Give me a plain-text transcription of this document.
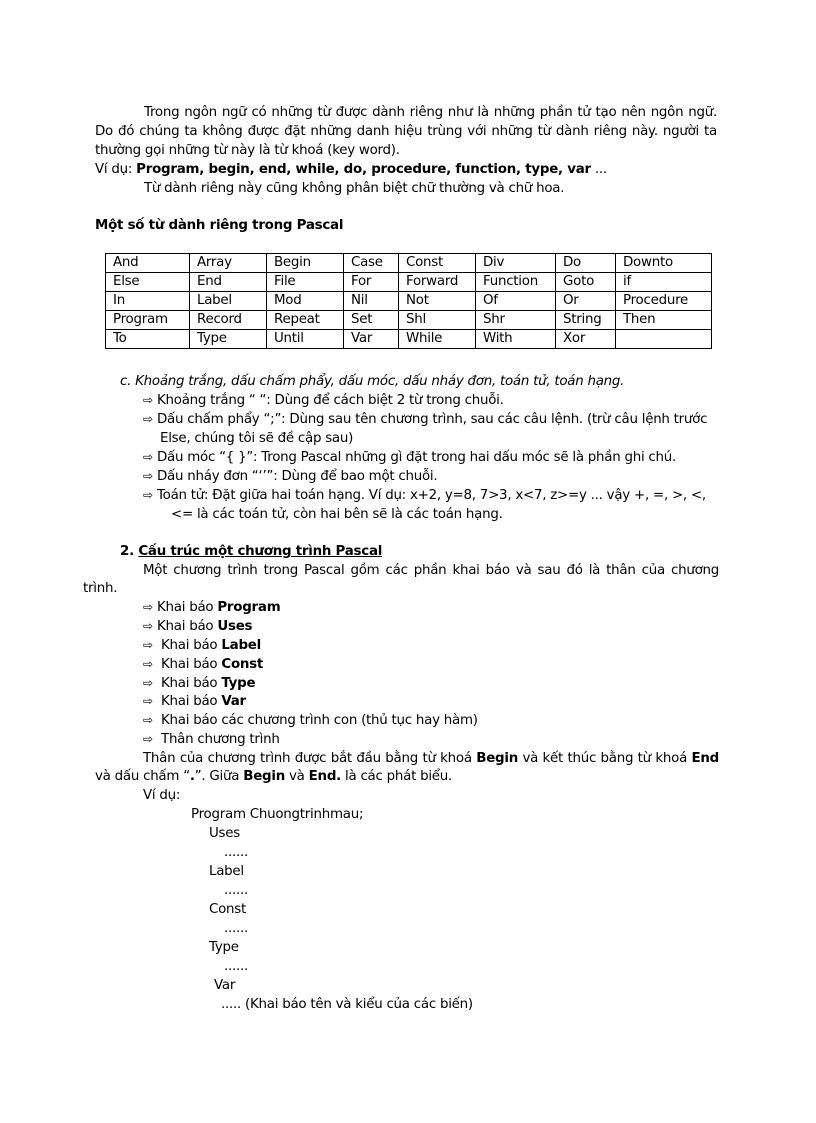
Trong ngôn ngữ có những từ được dành riêng như là những phần tử tạo nên ngôn ngữ.
Do đó chúng ta không được đặt những danh hiệu trùng với những từ dành riêng này. người ta
thường gọi những từ này là từ khoá (key word).
Ví dụ: Program, begin, end, while, do, procedure, function, type, var ...
Từ dành riêng này cũng không phân biệt chữ thường và chữ hoa.
Một số từ dành riêng trong Pascal
And	Array	Begin	Case	Const	Div	Do	Downto
Else	End	File	For	Forward	Function	Goto	if
In	Label	Mod	Nil	Not	Of	Or	Procedure
Program	Record	Repeat	Set	Shl	Shr	String	Then
To	Type	Until	Var	While	With	Xor	
c. Khoảng trắng, dấu chấm phẩy, dấu móc, dấu nháy đơn, toán tử, toán hạng.
⇨ Khoảng trắng “ “: Dùng để cách biệt 2 từ trong chuỗi.
⇨ Dấu chấm phẩy “;”: Dùng sau tên chương trình, sau các câu lệnh. (trừ câu lệnh trước
Else, chúng tôi sẽ đề cập sau)
⇨ Dấu móc “{ }”: Trong Pascal những gì đặt trong hai dấu móc sẽ là phần ghi chú.
⇨ Dấu nháy đơn “‘’”: Dùng để bao một chuỗi.
⇨ Toán tử: Đặt giữa hai toán hạng. Ví dụ: x+2, y=8, 7>3, x<7, z>=y ... vậy +, =, >, <,
<= là các toán tử, còn hai bên sẽ là các toán hạng.
2. Cấu trúc một chương trình Pascal
Một chương trình trong Pascal gồm các phần khai báo và sau đó là thân của chương
trình.
⇨ Khai báo Program
⇨ Khai báo Uses
⇨ Khai báo Label
⇨ Khai báo Const
⇨ Khai báo Type
⇨ Khai báo Var
⇨ Khai báo các chương trình con (thủ tục hay hàm)
⇨ Thân chương trình
Thân của chương trình được bắt đầu bằng từ khoá Begin và kết thúc bằng từ khoá End
và dấu chấm “.”. Giữa Begin và End. là các phát biểu.
Ví dụ:
Program Chuongtrinhmau;
Uses
......
Label
......
Const
......
Type
......
Var
..... (Khai báo tên và kiểu của các biến)
